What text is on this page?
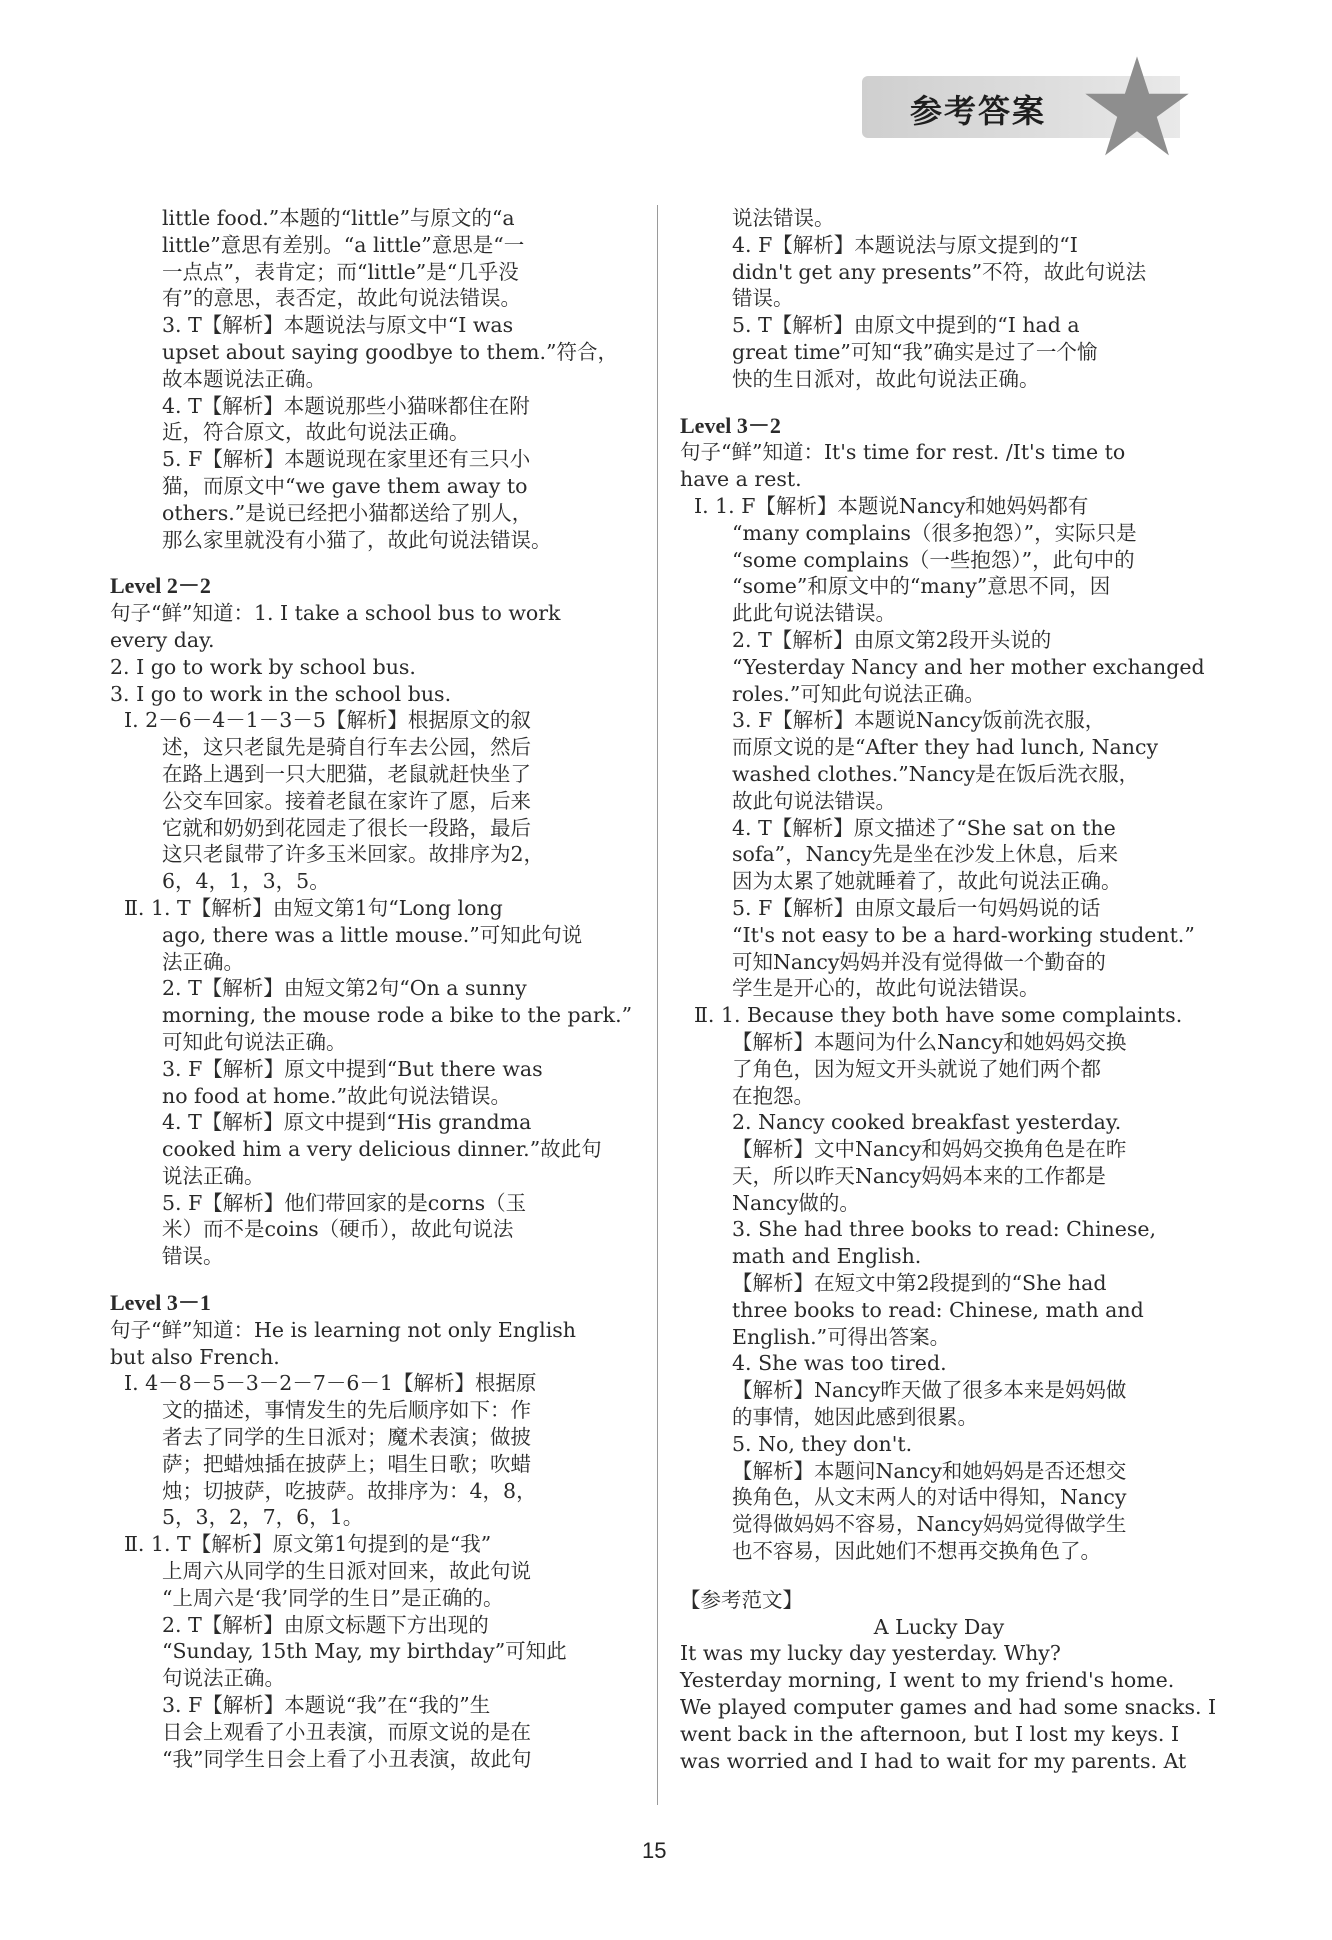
参考答案
little food.”本题的“little”与原文的“a
little”意思有差别。“a little”意思是“一
一点点”，表肯定；而“little”是“几乎没
有”的意思，表否定，故此句说法错误。
3. T【解析】本题说法与原文中“I was
upset about saying goodbye to them.”符合，
故本题说法正确。
4. T【解析】本题说那些小猫咪都住在附
近，符合原文，故此句说法正确。
5. F【解析】本题说现在家里还有三只小
猫，而原文中“we gave them away to
others.”是说已经把小猫都送给了别人，
那么家里就没有小猫了，故此句说法错误。
Level 2－2
句子“鲜”知道：1. I take a school bus to work
every day.
2. I go to work by school bus.
3. I go to work in the school bus.
Ⅰ. 2－6－4－1－3－5【解析】根据原文的叙
述，这只老鼠先是骑自行车去公园，然后
在路上遇到一只大肥猫，老鼠就赶快坐了
公交车回家。接着老鼠在家许了愿，后来
它就和奶奶到花园走了很长一段路，最后
这只老鼠带了许多玉米回家。故排序为2，
6，4，1，3，5。
Ⅱ. 1. T【解析】由短文第1句“Long long
ago, there was a little mouse.”可知此句说
法正确。
2. T【解析】由短文第2句“On a sunny
morning, the mouse rode a bike to the park.”
可知此句说法正确。
3. F【解析】原文中提到“But there was
no food at home.”故此句说法错误。
4. T【解析】原文中提到“His grandma
cooked him a very delicious dinner.”故此句
说法正确。
5. F【解析】他们带回家的是corns（玉
米）而不是coins（硬币），故此句说法
错误。
Level 3－1
句子“鲜”知道：He is learning not only English
but also French.
Ⅰ. 4－8－5－3－2－7－6－1【解析】根据原
文的描述，事情发生的先后顺序如下：作
者去了同学的生日派对；魔术表演；做披
萨；把蜡烛插在披萨上；唱生日歌；吹蜡
烛；切披萨，吃披萨。故排序为：4，8，
5，3，2，7，6，1。
Ⅱ. 1. T【解析】原文第1句提到的是“我”
上周六从同学的生日派对回来，故此句说
“上周六是‘我’同学的生日”是正确的。
2. T【解析】由原文标题下方出现的
“Sunday, 15th May, my birthday”可知此
句说法正确。
3. F【解析】本题说“我”在“我的”生
日会上观看了小丑表演，而原文说的是在
“我”同学生日会上看了小丑表演，故此句
说法错误。
4. F【解析】本题说法与原文提到的“I
didn't get any presents”不符，故此句说法
错误。
5. T【解析】由原文中提到的“I had a
great time”可知“我”确实是过了一个愉
快的生日派对，故此句说法正确。
Level 3－2
句子“鲜”知道：It's time for rest. /It's time to
have a rest.
Ⅰ. 1. F【解析】本题说Nancy和她妈妈都有
“many complains（很多抱怨）”，实际只是
“some complains（一些抱怨）”，此句中的
“some”和原文中的“many”意思不同，因
此此句说法错误。
2. T【解析】由原文第2段开头说的
“Yesterday Nancy and her mother exchanged
roles.”可知此句说法正确。
3. F【解析】本题说Nancy饭前洗衣服，
而原文说的是“After they had lunch, Nancy
washed clothes.”Nancy是在饭后洗衣服，
故此句说法错误。
4. T【解析】原文描述了“She sat on the
sofa”，Nancy先是坐在沙发上休息，后来
因为太累了她就睡着了，故此句说法正确。
5. F【解析】由原文最后一句妈妈说的话
“It's not easy to be a hard-working student.”
可知Nancy妈妈并没有觉得做一个勤奋的
学生是开心的，故此句说法错误。
Ⅱ. 1. Because they both have some complaints.
【解析】本题问为什么Nancy和她妈妈交换
了角色，因为短文开头就说了她们两个都
在抱怨。
2. Nancy cooked breakfast yesterday.
【解析】文中Nancy和妈妈交换角色是在昨
天，所以昨天Nancy妈妈本来的工作都是
Nancy做的。
3. She had three books to read: Chinese,
math and English.
【解析】在短文中第2段提到的“She had
three books to read: Chinese, math and
English.”可得出答案。
4. She was too tired.
【解析】Nancy昨天做了很多本来是妈妈做
的事情，她因此感到很累。
5. No, they don't.
【解析】本题问Nancy和她妈妈是否还想交
换角色，从文末两人的对话中得知，Nancy
觉得做妈妈不容易，Nancy妈妈觉得做学生
也不容易，因此她们不想再交换角色了。
【参考范文】
A Lucky Day
It was my lucky day yesterday. Why?
Yesterday morning, I went to my friend's home.
We played computer games and had some snacks. I
went back in the afternoon, but I lost my keys. I
was worried and I had to wait for my parents. At
15
